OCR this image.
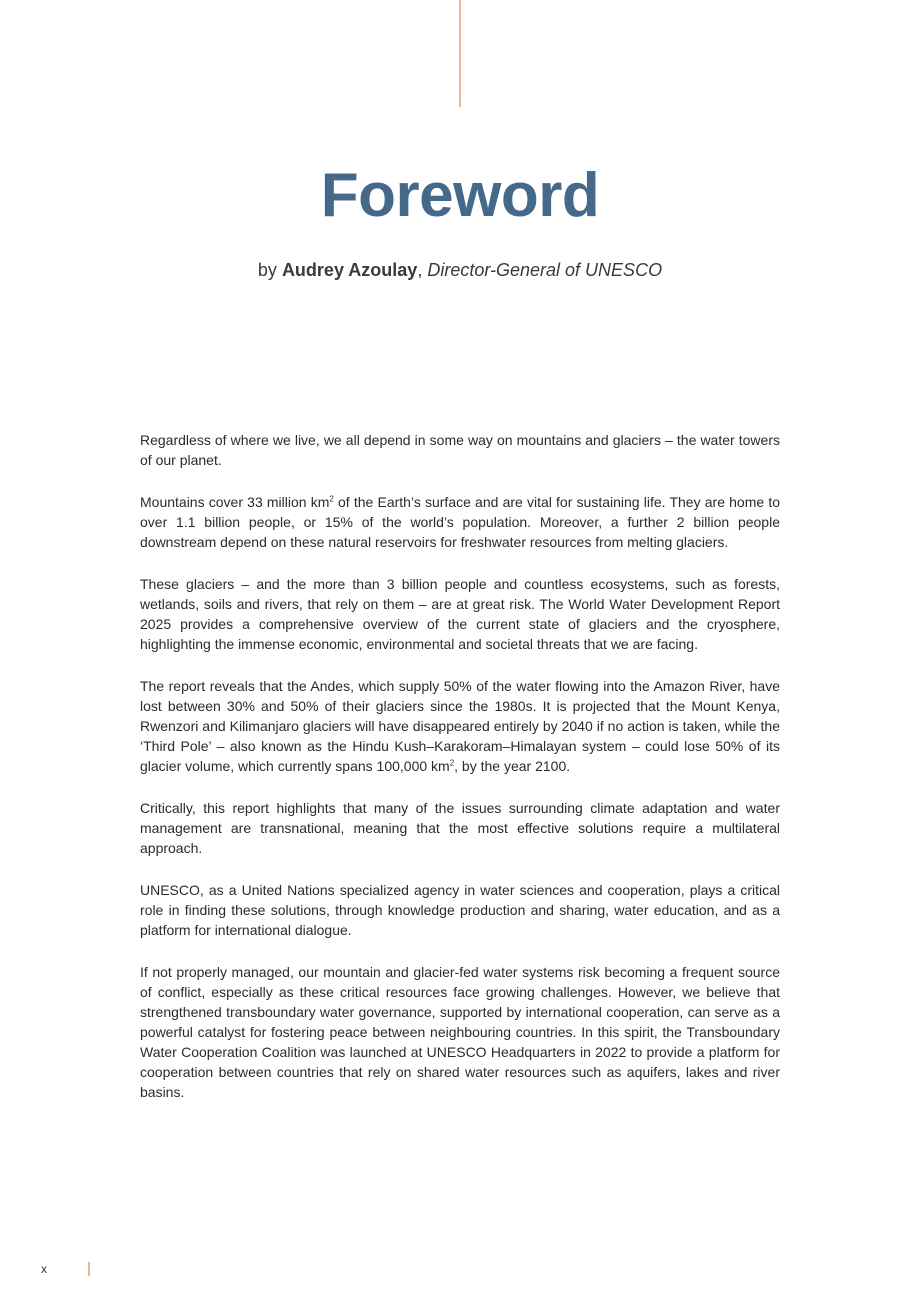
Foreword
by Audrey Azoulay, Director-General of UNESCO

Regardless of where we live, we all depend in some way on mountains and glaciers – the water towers of our planet.

Mountains cover 33 million $km^2$ of the Earth’s surface and are vital for sustaining life. They are home to over 1.1 billion people, or 15% of the world’s population. Moreover, a further 2 billion people downstream depend on these natural reservoirs for freshwater resources from melting glaciers.

These glaciers – and the more than 3 billion people and countless ecosystems, such as forests, wetlands, soils and rivers, that rely on them – are at great risk. The World Water Development Report 2025 provides a comprehensive overview of the current state of glaciers and the cryosphere, highlighting the immense economic, environmental and societal threats that we are facing.

The report reveals that the Andes, which supply 50% of the water flowing into the Amazon River, have lost between 30% and 50% of their glaciers since the 1980s. It is projected that the Mount Kenya, Rwenzori and Kilimanjaro glaciers will have disappeared entirely by 2040 if no action is taken, while the ‘Third Pole’ – also known as the Hindu Kush–Karakoram–Himalayan system – could lose 50% of its glacier volume, which currently spans 100,000 $km^2$, by the year 2100.

Critically, this report highlights that many of the issues surrounding climate adaptation and water management are transnational, meaning that the most effective solutions require a multilateral approach.

UNESCO, as a United Nations specialized agency in water sciences and cooperation, plays a critical role in finding these solutions, through knowledge production and sharing, water education, and as a platform for international dialogue.

If not properly managed, our mountain and glacier-fed water systems risk becoming a frequent source of conflict, especially as these critical resources face growing challenges. However, we believe that strengthened transboundary water governance, supported by international cooperation, can serve as a powerful catalyst for fostering peace between neighbouring countries. In this spirit, the Transboundary Water Cooperation Coalition was launched at UNESCO Headquarters in 2022 to provide a platform for cooperation between countries that rely on shared water resources such as aquifers, lakes and river basins.

x
